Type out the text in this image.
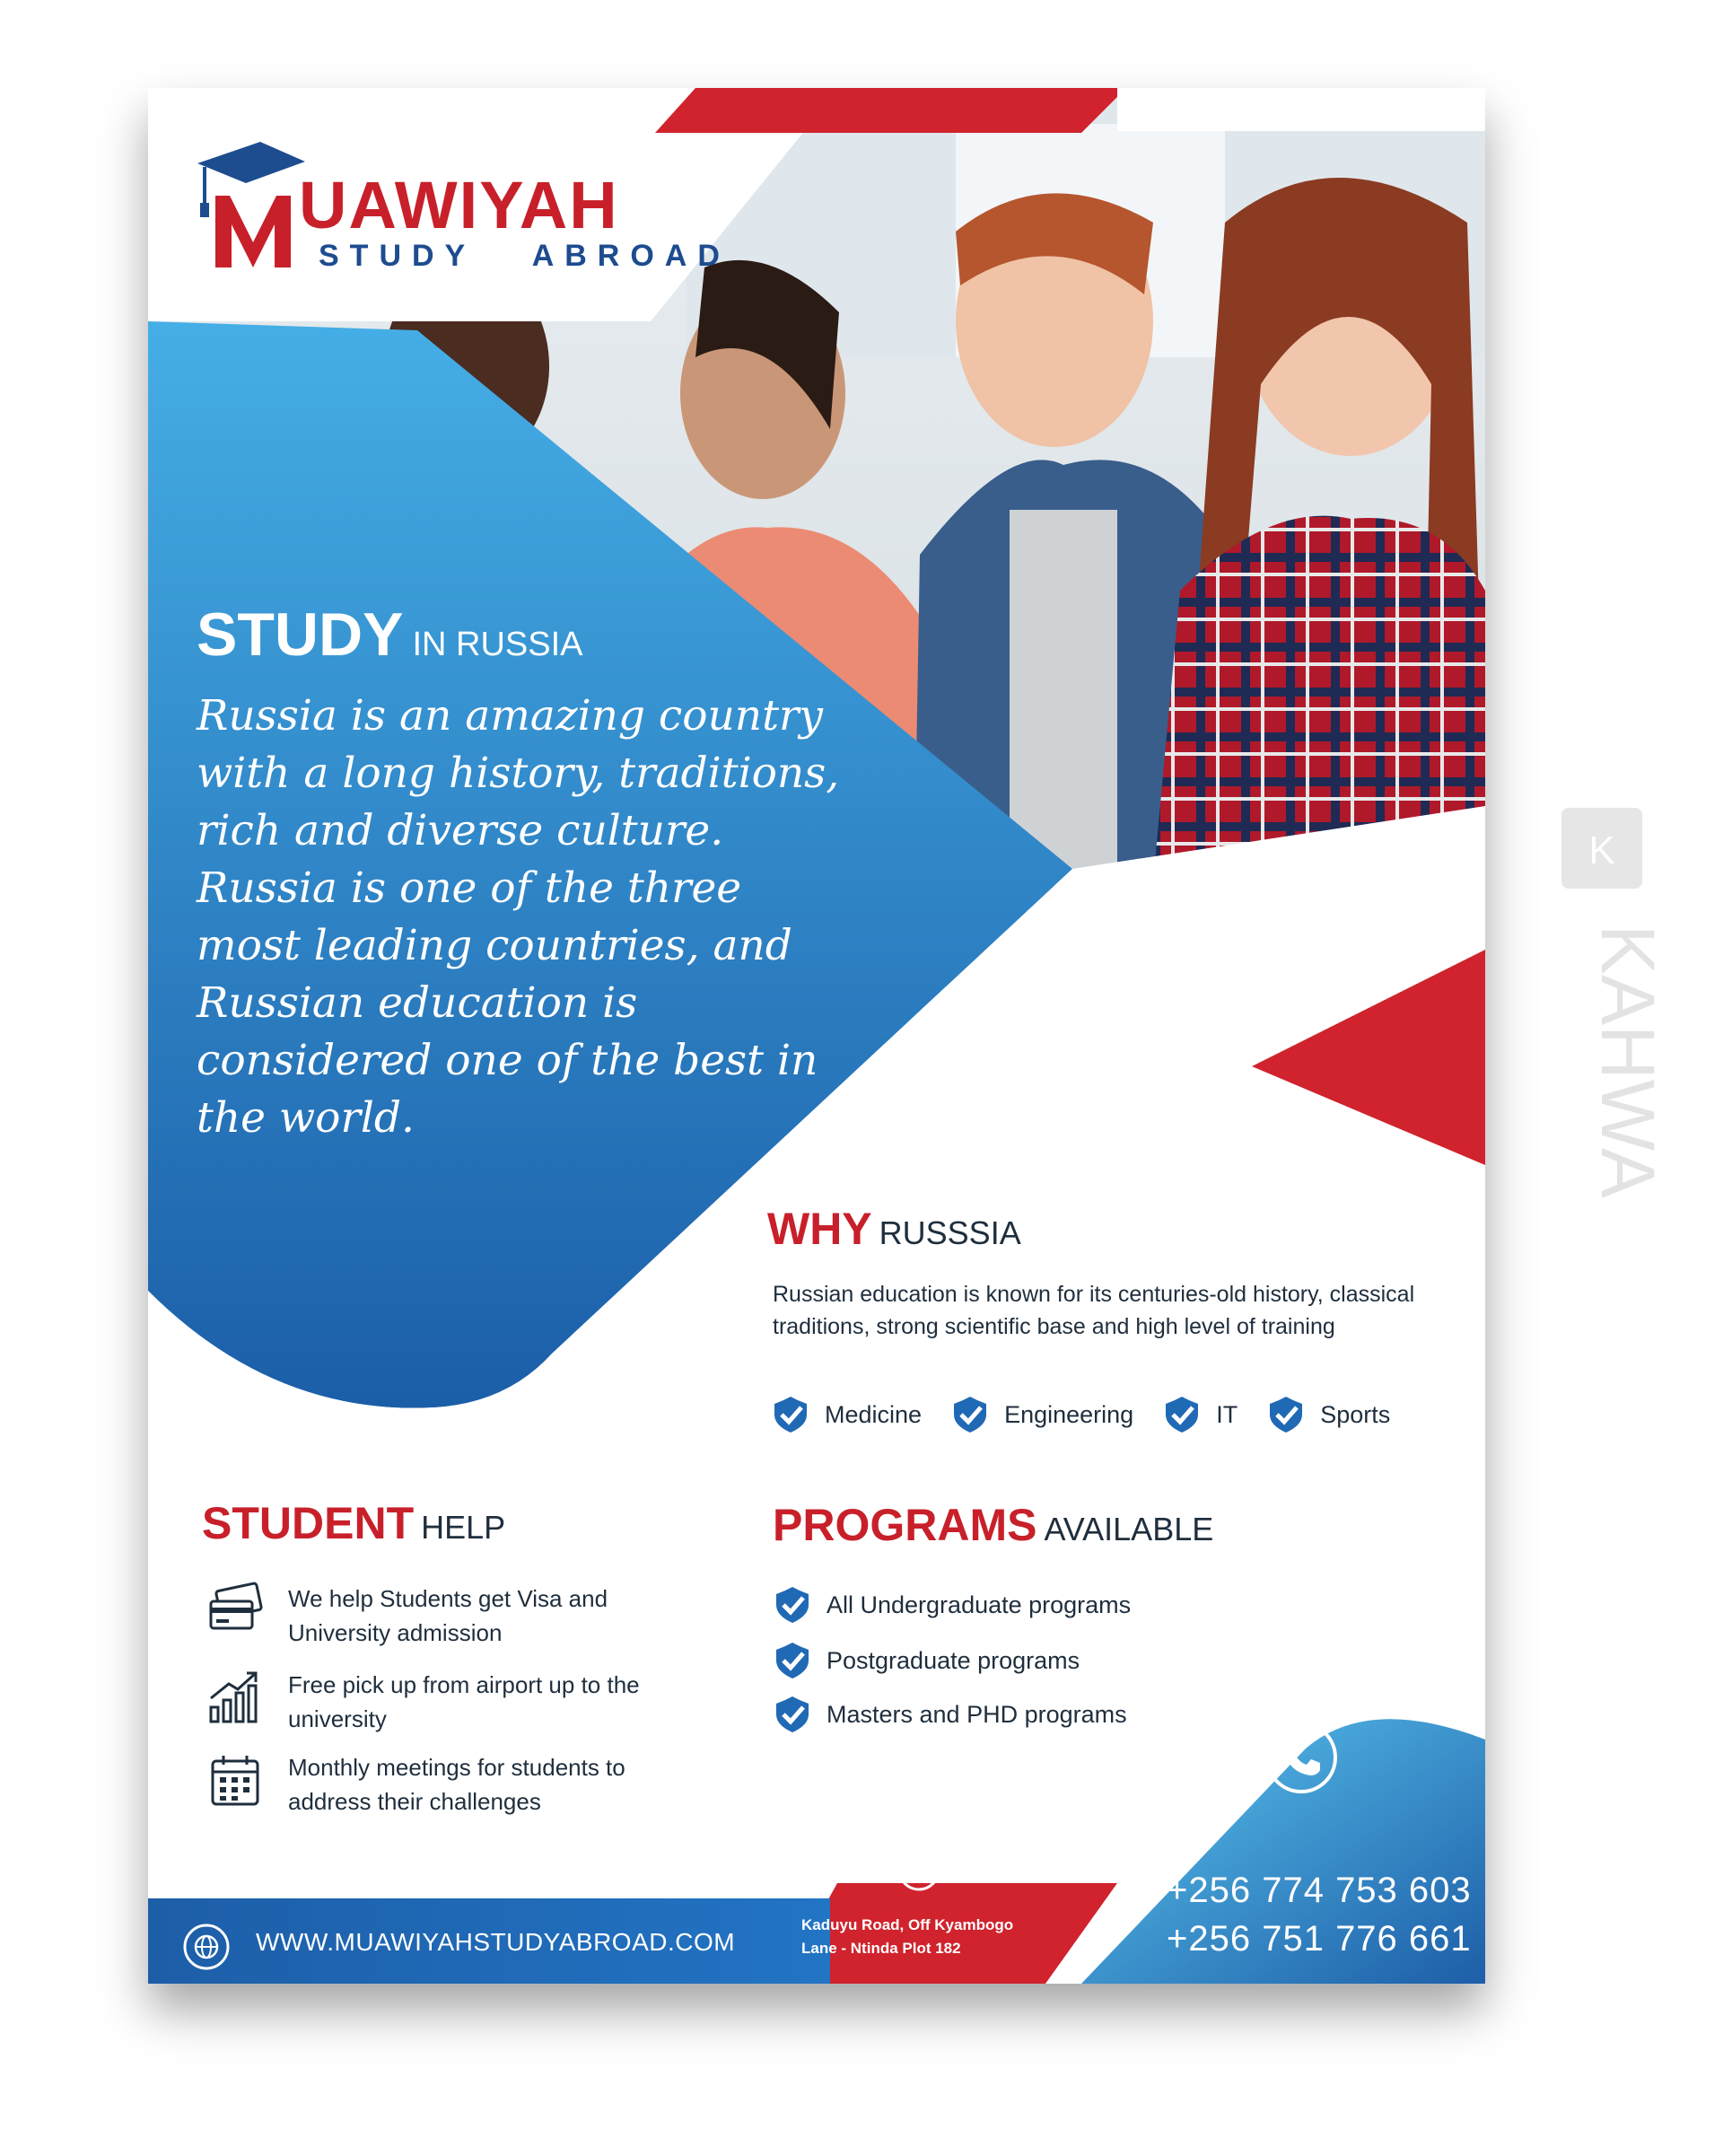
UAWIYAH
STUDY   ABROAD
STUDY IN RUSSIA
Russia is an amazing country with a long history, traditions, rich and diverse culture. Russia is one of the three most leading countries, and Russian education is considered one of the best in the world.
WHY RUSSSIA
Russian education is known for its centuries-old history, classical traditions, strong scientific base and high level of training
Medicine	Engineering	IT	Sports
STUDENT HELP
We help Students get Visa and University admission
Free pick up from airport up to the university
Monthly meetings for students to address their challenges
PROGRAMS AVAILABLE
All Undergraduate programs
Postgraduate programs
Masters and PHD programs
WWW.MUAWIYAHSTUDYABROAD.COM
Kaduyu Road, Off Kyambogo Lane - Ntinda Plot 182
+256 774 753 603
+256 751 776 661
K
KAHWA
